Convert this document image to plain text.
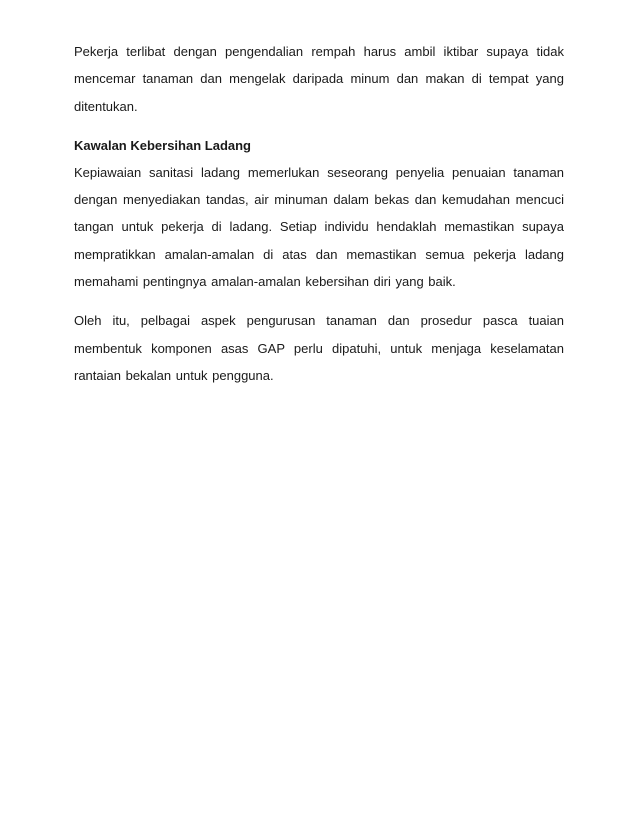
Pekerja terlibat dengan pengendalian rempah harus ambil iktibar supaya tidak mencemar tanaman dan mengelak daripada minum dan makan di tempat yang ditentukan.

Kawalan Kebersihan Ladang

Kepiawaian sanitasi ladang memerlukan seseorang penyelia penuaian tanaman dengan menyediakan tandas, air minuman dalam bekas dan kemudahan mencuci tangan untuk pekerja di ladang. Setiap individu hendaklah memastikan supaya mempratikkan amalan-amalan di atas dan memastikan semua pekerja ladang memahami pentingnya amalan-amalan kebersihan diri yang baik.

Oleh itu, pelbagai aspek pengurusan tanaman dan prosedur pasca tuaian membentuk komponen asas GAP perlu dipatuhi, untuk menjaga keselamatan rantaian bekalan untuk pengguna.
